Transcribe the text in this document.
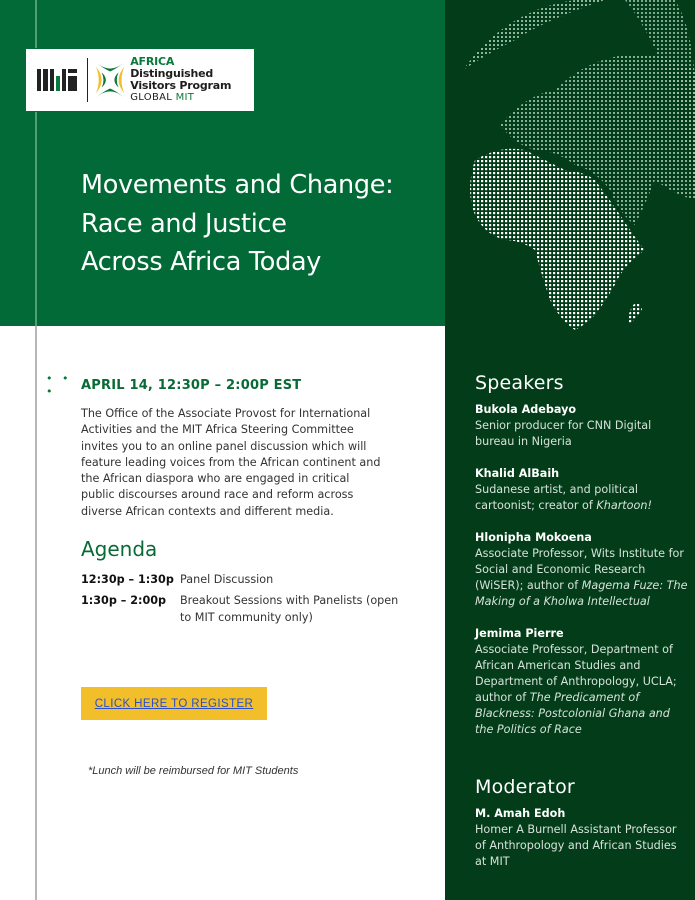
AFRICA Distinguished
Visitors Program
GLOBAL MIT
Movements and Change:
Race and Justice
Across Africa Today
• • •	APRIL 14, 12:30P – 2:00P EST

The Office of the Associate Provost for International Activities and the MIT Africa Steering Committee invites you to an online panel discussion which will feature leading voices from the African continent and the African diaspora who are engaged in critical public discourses around race and reform across diverse African contexts and different media.

Agenda
12:30p – 1:30p Panel Discussion
1:30p – 2:00p	Breakout Sessions with Panelists (open to MIT community only)
CLICK HERE TO REGISTER
*Lunch will be reimbursed for MIT Students
Speakers
Bukola Adebayo
Senior producer for CNN Digital bureau in Nigeria
Khalid AlBaih
Sudanese artist, and political cartoonist; creator of Khartoon!
Hlonipha Mokoena
Associate Professor, Wits Institute for Social and Economic Research (WiSER); author of Magema Fuze: The Making of a Kholwa Intellectual
Jemima Pierre
Associate Professor, Department of African American Studies and Department of Anthropology, UCLA; author of The Predicament of Blackness: Postcolonial Ghana and the Politics of Race
Moderator
M. Amah Edoh
Homer A Burnell Assistant Professor of Anthropology and African Studies at MIT
